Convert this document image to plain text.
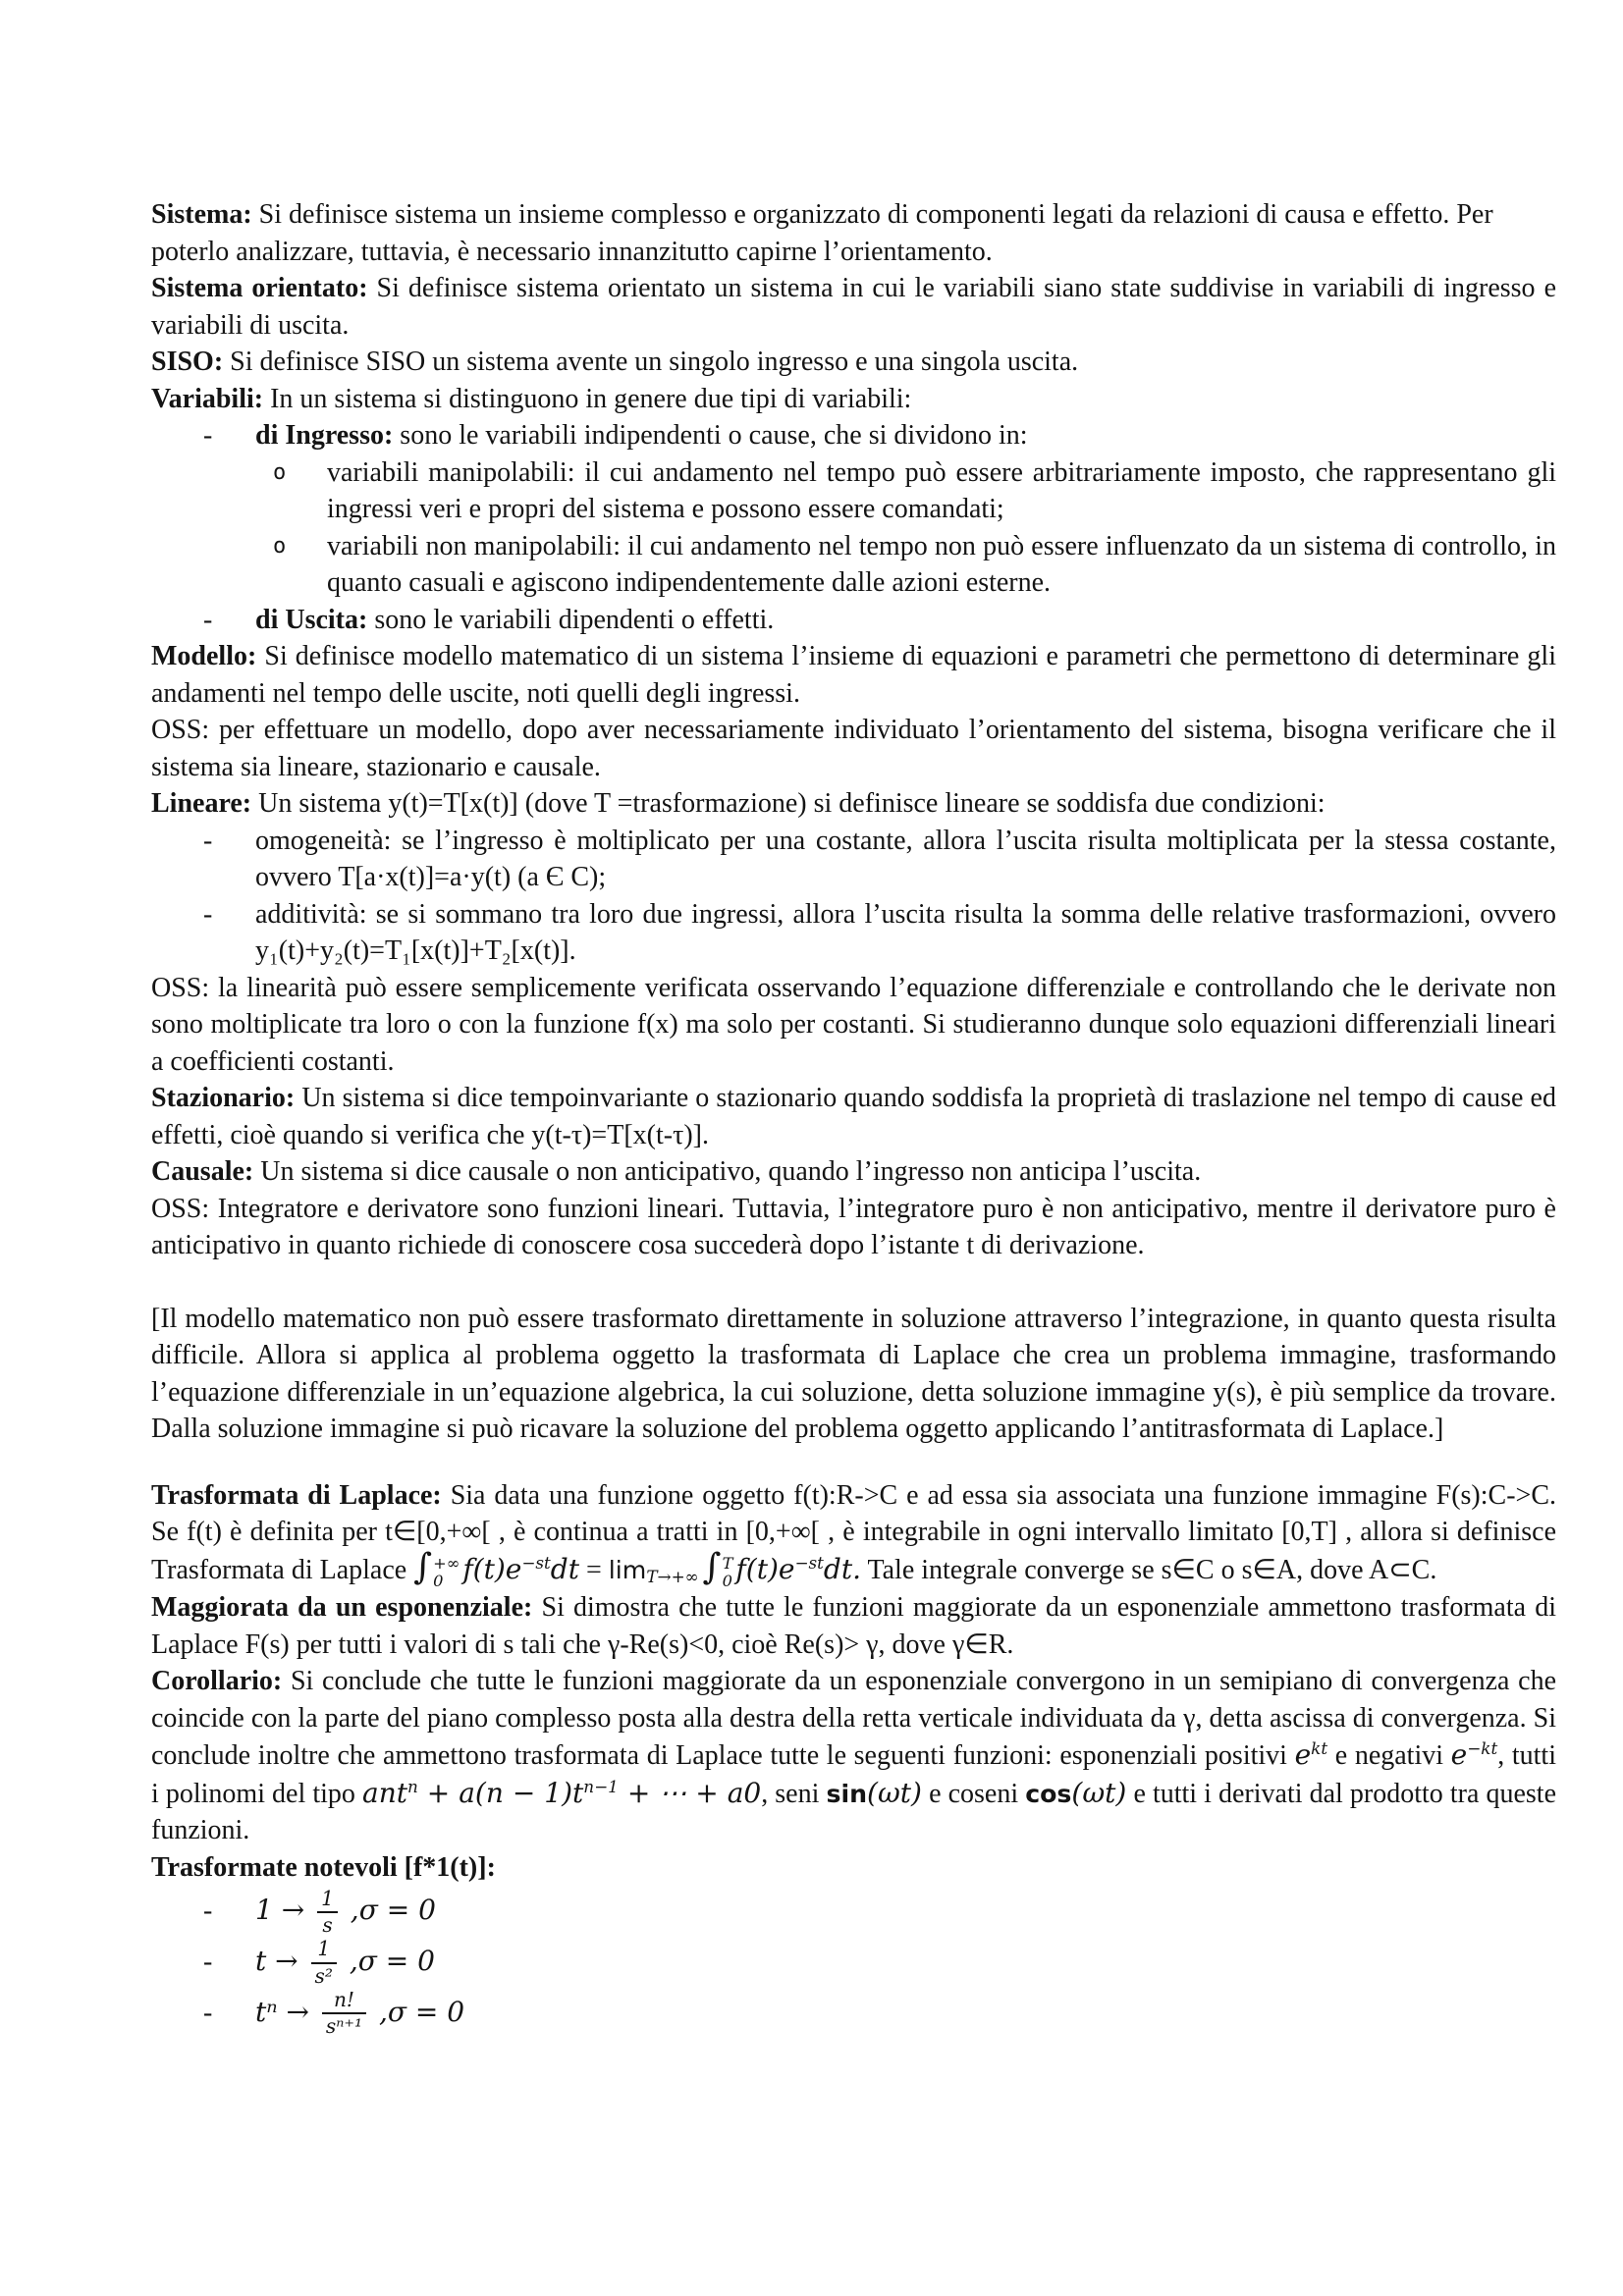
Sistema: Si definisce sistema un insieme complesso e organizzato di componenti legati da relazioni di causa e effetto. Per poterlo analizzare, tuttavia, è necessario innanzitutto capirne l’orientamento.

Sistema orientato: Si definisce sistema orientato un sistema in cui le variabili siano state suddivise in variabili di ingresso e variabili di uscita.

SISO: Si definisce SISO un sistema avente un singolo ingresso e una singola uscita.

Variabili: In un sistema si distinguono in genere due tipi di variabili:

-	di Ingresso: sono le variabili indipendenti o cause, che si dividono in:
o	variabili manipolabili: il cui andamento nel tempo può essere arbitrariamente imposto, che rappresentano gli ingressi veri e propri del sistema e possono essere comandati;
o	variabili non manipolabili: il cui andamento nel tempo non può essere influenzato da un sistema di controllo, in quanto casuali e agiscono indipendentemente dalle azioni esterne.
-	di Uscita: sono le variabili dipendenti o effetti.

Modello: Si definisce modello matematico di un sistema l’insieme di equazioni e parametri che permettono di determinare gli andamenti nel tempo delle uscite, noti quelli degli ingressi.

OSS: per effettuare un modello, dopo aver necessariamente individuato l’orientamento del sistema, bisogna verificare che il sistema sia lineare, stazionario e causale.

Lineare: Un sistema y(t)=T[x(t)] (dove T =trasformazione) si definisce lineare se soddisfa due condizioni:

-	omogeneità: se l’ingresso è moltiplicato per una costante, allora l’uscita risulta moltiplicata per la stessa costante, ovvero T[a·x(t)]=a·y(t) (a Є C);
-	additività: se si sommano tra loro due ingressi, allora l’uscita risulta la somma delle relative trasformazioni, ovvero y₁(t)+y₂(t)=T₁[x(t)]+T₂[x(t)].

OSS: la linearità può essere semplicemente verificata osservando l’equazione differenziale e controllando che le derivate non sono moltiplicate tra loro o con la funzione f(x) ma solo per costanti. Si studieranno dunque solo equazioni differenziali lineari a coefficienti costanti.

Stazionario: Un sistema si dice tempoinvariante o stazionario quando soddisfa la proprietà di traslazione nel tempo di cause ed effetti, cioè quando si verifica che y(t-τ)=T[x(t-τ)].

Causale: Un sistema si dice causale o non anticipativo, quando l’ingresso non anticipa l’uscita.

OSS: Integratore e derivatore sono funzioni lineari. Tuttavia, l’integratore puro è non anticipativo, mentre il derivatore puro è anticipativo in quanto richiede di conoscere cosa succederà dopo l’istante t di derivazione.

[Il modello matematico non può essere trasformato direttamente in soluzione attraverso l’integrazione, in quanto questa risulta difficile. Allora si applica al problema oggetto la trasformata di Laplace che crea un problema immagine, trasformando l’equazione differenziale in un’equazione algebrica, la cui soluzione, detta soluzione immagine y(s), è più semplice da trovare. Dalla soluzione immagine si può ricavare la soluzione del problema oggetto applicando l’antitrasformata di Laplace.]

Trasformata di Laplace: Sia data una funzione oggetto f(t):R->C e ad essa sia associata una funzione immagine F(s):C->C. Se f(t) è definita per t∈[0,+∞[ , è continua a tratti in [0,+∞[ , è integrabile in ogni intervallo limitato [0,T] , allora si definisce Trasformata di Laplace ∫ +∞
0 $f(t)e^{-st}dt = \lim T\to+\infty$ ∫ T
0 $f(t)e^{-st}dt$. Tale integrale converge se s∈C o s∈A, dove A⊂C.

Maggiorata da un esponenziale: Si dimostra che tutte le funzioni maggiorate da un esponenziale ammettono trasformata di Laplace F(s) per tutti i valori di s tali che γ-Re(s)<0, cioè Re(s)> γ, dove γ∈R.

Corollario: Si conclude che tutte le funzioni maggiorate da un esponenziale convergono in un semipiano di convergenza che coincide con la parte del piano complesso posta alla destra della retta verticale individuata da γ, detta ascissa di convergenza. Si conclude inoltre che ammettono trasformata di Laplace tutte le seguenti funzioni: esponenziali positivi $e^{kt}$ e negativi $e^{-kt}$, tutti i polinomi del tipo $ant^n + a(n - 1)t^{n-1}$ + ⋯ + a0, seni sin(ωt) e coseni cos(ωt) e tutti i derivati dal prodotto tra queste funzioni.

Trasformate notevoli [f*1(t)]:

-	$1 \to \frac{1}{s} ,\sigma = 0$
-	$t \to \frac{1}{\text{s²}} ,\sigma = 0$
-	$t^n \to \frac{n!}{\text{sⁿ⁺¹}} ,\sigma = 0$
